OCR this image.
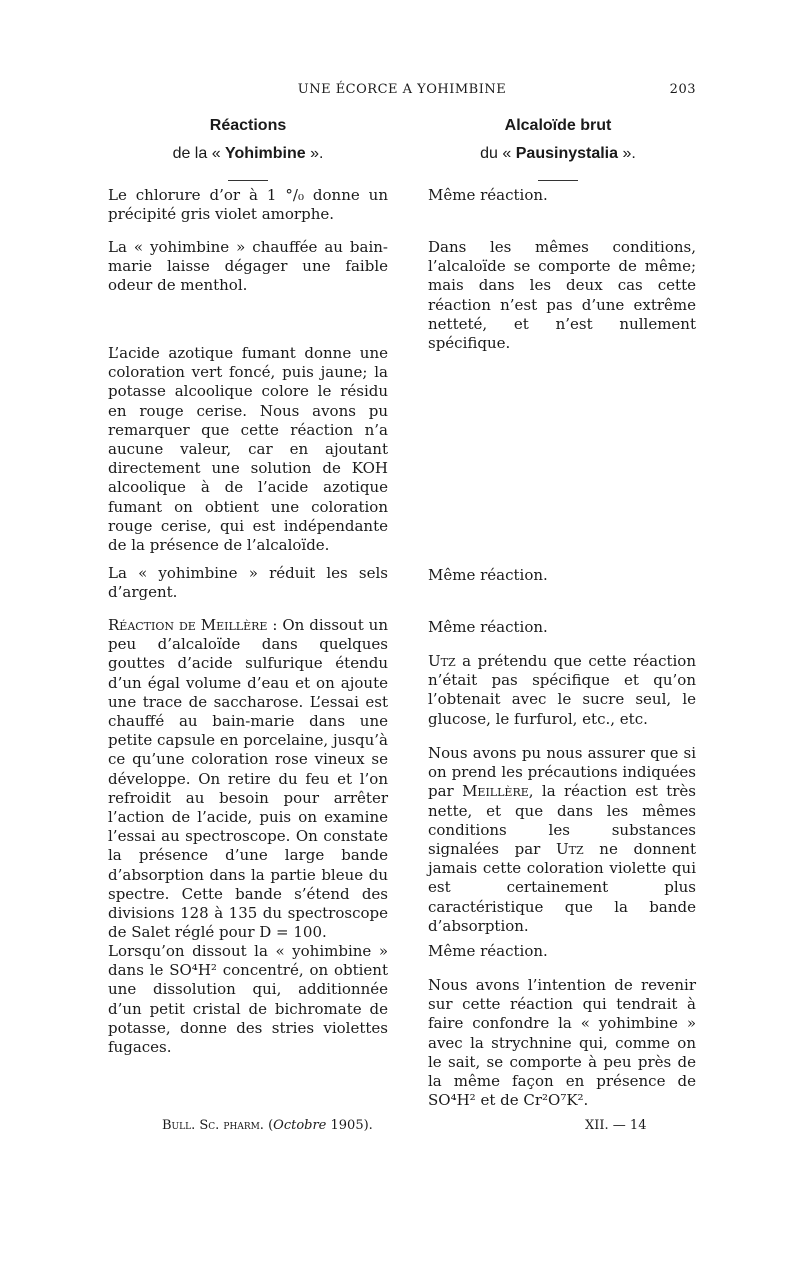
UNE ÉCORCE A YOHIMBINE	203
Réactions
de la « Yohimbine ».
Alcaloïde brut
du « Pausinystalia ».

Le chlorure d’or à 1 °/₀ donne un précipité gris violet amorphe.

La « yohimbine » chauffée au bain-marie laisse dégager une faible odeur de menthol.

L’acide azotique fumant donne une coloration vert foncé, puis jaune; la potasse alcoolique colore le résidu en rouge cerise. Nous avons pu remarquer que cette réaction n’a aucune valeur, car en ajoutant directement une solution de KOH alcoolique à de l’acide azotique fumant on obtient une coloration rouge cerise, qui est indépendante de la présence de l’alcaloïde.

La « yohimbine » réduit les sels d’argent.

Réaction de Meillère : On dissout un peu d’alcaloïde dans quelques gouttes d’acide sulfurique étendu d’un égal volume d’eau et on ajoute une trace de saccharose. L’essai est chauffé au bain-marie dans une petite capsule en porcelaine, jusqu’à ce qu’une coloration rose vineux se développe. On retire du feu et l’on refroidit au besoin pour arrêter l’action de l’acide, puis on examine l’essai au spectroscope. On constate la présence d’une large bande d’absorption dans la partie bleue du spectre. Cette bande s’étend des divisions 128 à 135 du spectroscope de Salet réglé pour D = 100.

Lorsqu’on dissout la « yohimbine » dans le SO⁴H² concentré, on obtient une dissolution qui, additionnée d’un petit cristal de bichromate de potasse, donne des stries violettes fugaces.

Même réaction.

Dans les mêmes conditions, l’alcaloïde se comporte de même; mais dans les deux cas cette réaction n’est pas d’une extrême netteté, et n’est nullement spécifique.

Même réaction.

Même réaction.

Utz a prétendu que cette réaction n’était pas spécifique et qu’on l’obtenait avec le sucre seul, le glucose, le furfurol, etc., etc.

Nous avons pu nous assurer que si on prend les précautions indiquées par Meillère, la réaction est très nette, et que dans les mêmes conditions les substances signalées par Utz ne donnent jamais cette coloration violette qui est certainement plus caractéristique que la bande d’absorption.

Même réaction.

Nous avons l’intention de revenir sur cette réaction qui tendrait à faire confondre la « yohimbine » avec la strychnine qui, comme on le sait, se comporte à peu près de la même façon en présence de SO⁴H² et de Cr²O⁷K².

Bull. Sc. pharm. (Octobre 1905).	XII. — 14
